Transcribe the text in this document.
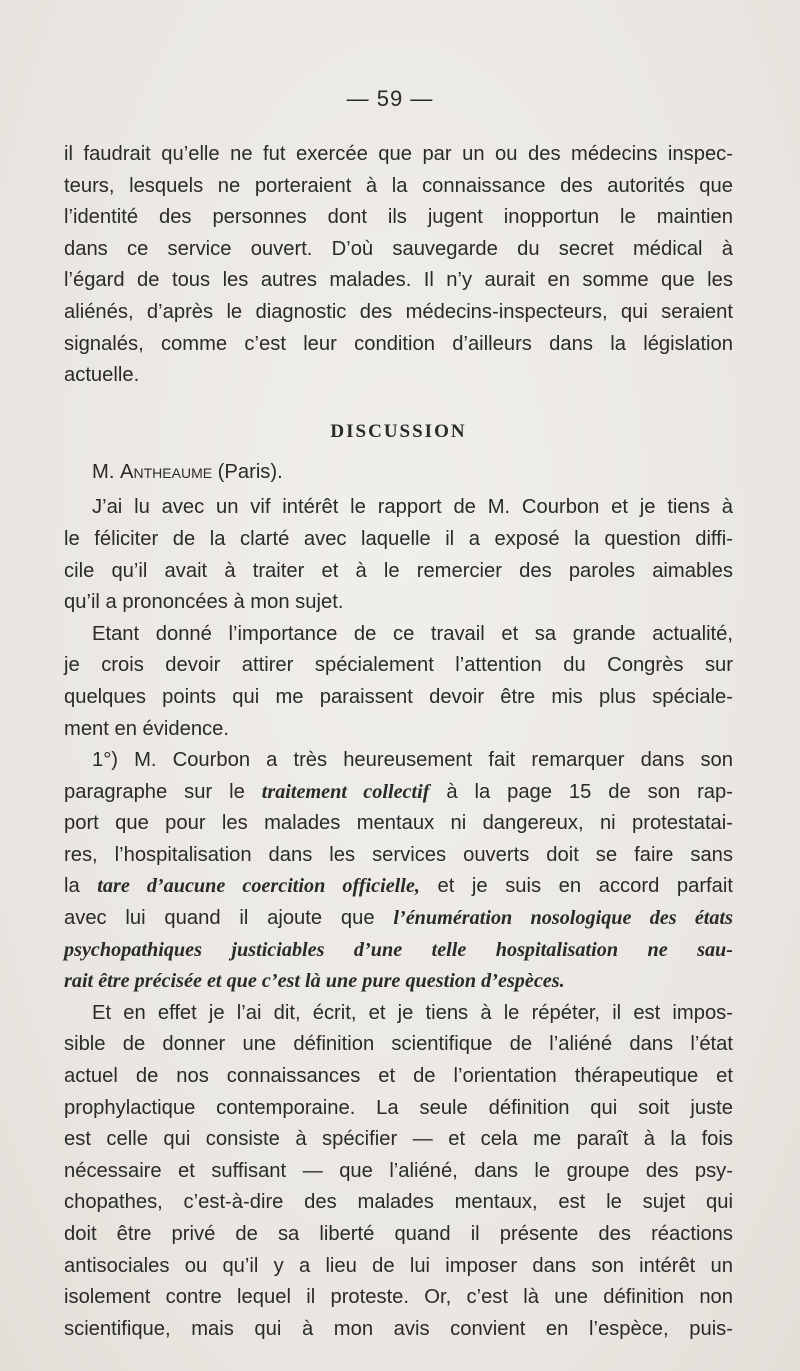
— 59 —
il faudrait qu’elle ne fut exercée que par un ou des médecins inspec-
teurs, lesquels ne porteraient à la connaissance des autorités que
l’identité des personnes dont ils jugent inopportun le maintien
dans ce service ouvert. D’où sauvegarde du secret médical à
l’égard de tous les autres malades. Il n’y aurait en somme que les
aliénés, d’après le diagnostic des médecins-inspecteurs, qui seraient
signalés, comme c’est leur condition d’ailleurs dans la législation
actuelle.
DISCUSSION
M. Antheaume (Paris).
J’ai lu avec un vif intérêt le rapport de M. Courbon et je tiens à
le féliciter de la clarté avec laquelle il a exposé la question diffi-
cile qu’il avait à traiter et à le remercier des paroles aimables
qu’il a prononcées à mon sujet.
Etant donné l’importance de ce travail et sa grande actualité,
je crois devoir attirer spécialement l’attention du Congrès sur
quelques points qui me paraissent devoir être mis plus spéciale-
ment en évidence.
1°) M. Courbon a très heureusement fait remarquer dans son
paragraphe sur le traitement collectif à la page 15 de son rap-
port que pour les malades mentaux ni dangereux, ni protestatai-
res, l’hospitalisation dans les services ouverts doit se faire sans
la tare d’aucune coercition officielle, et je suis en accord parfait
avec lui quand il ajoute que l’énumération nosologique des états
psychopathiques justiciables d’une telle hospitalisation ne sau-
rait être précisée et que c’est là une pure question d’espèces.
Et en effet je l’ai dit, écrit, et je tiens à le répéter, il est impos-
sible de donner une définition scientifique de l’aliéné dans l’état
actuel de nos connaissances et de l’orientation thérapeutique et
prophylactique contemporaine. La seule définition qui soit juste
est celle qui consiste à spécifier — et cela me paraît à la fois
nécessaire et suffisant — que l’aliéné, dans le groupe des psy-
chopathes, c’est-à-dire des malades mentaux, est le sujet qui
doit être privé de sa liberté quand il présente des réactions
antisociales ou qu’il y a lieu de lui imposer dans son intérêt un
isolement contre lequel il proteste. Or, c’est là une définition non
scientifique, mais qui à mon avis convient en l’espèce, puis-
